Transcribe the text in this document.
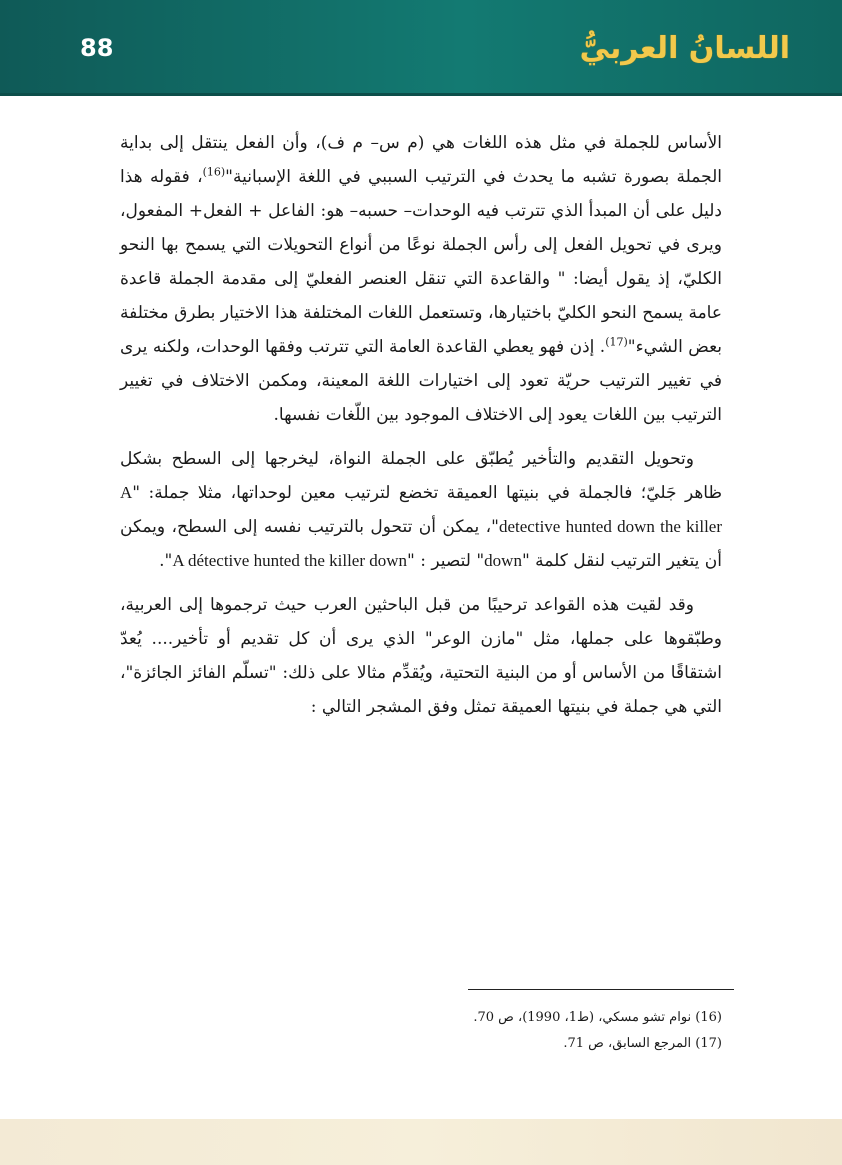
88	اللسانُ العربيُّ

الأساس للجملة في مثل هذه اللغات هي (م س– م ف)، وأن الفعل ينتقل إلى بداية الجملة بصورة تشبه ما يحدث في الترتيب السببي في اللغة الإسبانية"$^{(16)}$، فقوله هذا دليل على أن المبدأ الذي تترتب فيه الوحدات– حسبه– هو: الفاعل + الفعل+ المفعول، ويرى في تحويل الفعل إلى رأس الجملة نوعًا من أنواع التحويلات التي يسمح بها النحو الكليّ، إذ يقول أيضا: " والقاعدة التي تنقل العنصر الفعليّ إلى مقدمة الجملة قاعدة عامة يسمح النحو الكليّ باختيارها، وتستعمل اللغات المختلفة هذا الاختيار بطرق مختلفة بعض الشيء"$^{(17)}$. إذن فهو يعطي القاعدة العامة التي تترتب وفقها الوحدات، ولكنه يرى في تغيير الترتيب حريّة تعود إلى اختيارات اللغة المعينة، ومكمن الاختلاف في تغيير الترتيب بين اللغات يعود إلى الاختلاف الموجود بين اللّغات نفسها.

وتحويل التقديم والتأخير يُطبّق على الجملة النواة، ليخرجها إلى السطح بشكل ظاهر جَليّ؛ فالجملة في بنيتها العميقة تخضع لترتيب معين لوحداتها، مثلا جملة: "A detective hunted down the killer"، يمكن أن تتحول بالترتيب نفسه إلى السطح، ويمكن أن يتغير الترتيب لنقل كلمة "down" لتصير : "A détective hunted the killer down".

وقد لقيت هذه القواعد ترحيبًا من قبل الباحثين العرب حيث ترجموها إلى العربية، وطبّقوها على جملها، مثل "مازن الوعر" الذي يرى أن كل تقديم أو تأخير.... يُعدّ اشتقاقًا من الأساس أو من البنية التحتية، ويُقدِّم مثالا على ذلك: "تسلّم الفائز الجائزة"، التي هي جملة في بنيتها العميقة تمثل وفق المشجر التالي :

(16) نوام تشو مسكي، (ط1، 1990)، ص 70.
(17) المرجع السابق، ص 71.
